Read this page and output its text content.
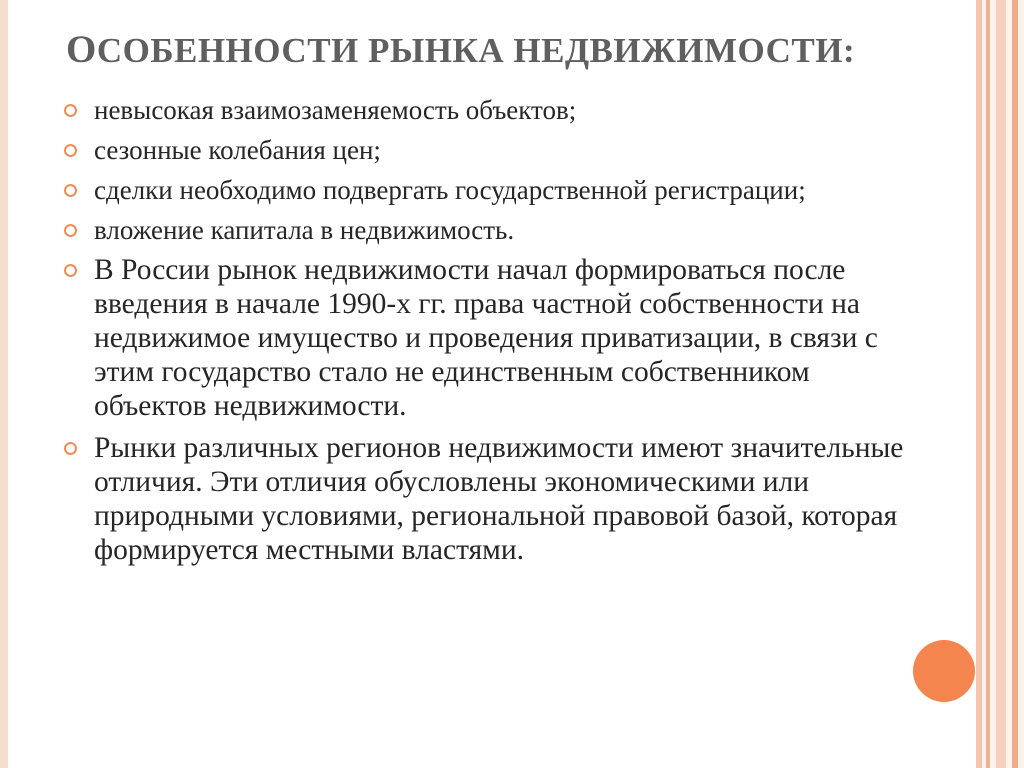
ОСОБЕННОСТИ РЫНКА НЕДВИЖИМОСТИ:
невысокая взаимозаменяемость объектов;
сезонные колебания цен;
сделки необходимо подвергать государственной регистрации;
вложение капитала в недвижимость.
В России рынок недвижимости начал формироваться после введения в начале 1990-х гг. права частной собственности на недвижимое имущество и проведения приватизации, в связи с этим государство стало не единственным собственником объектов недвижимости.
Рынки различных регионов недвижимости имеют значительные отличия. Эти отличия обусловлены экономическими или природными условиями, региональной правовой базой, которая формируется местными властями.
